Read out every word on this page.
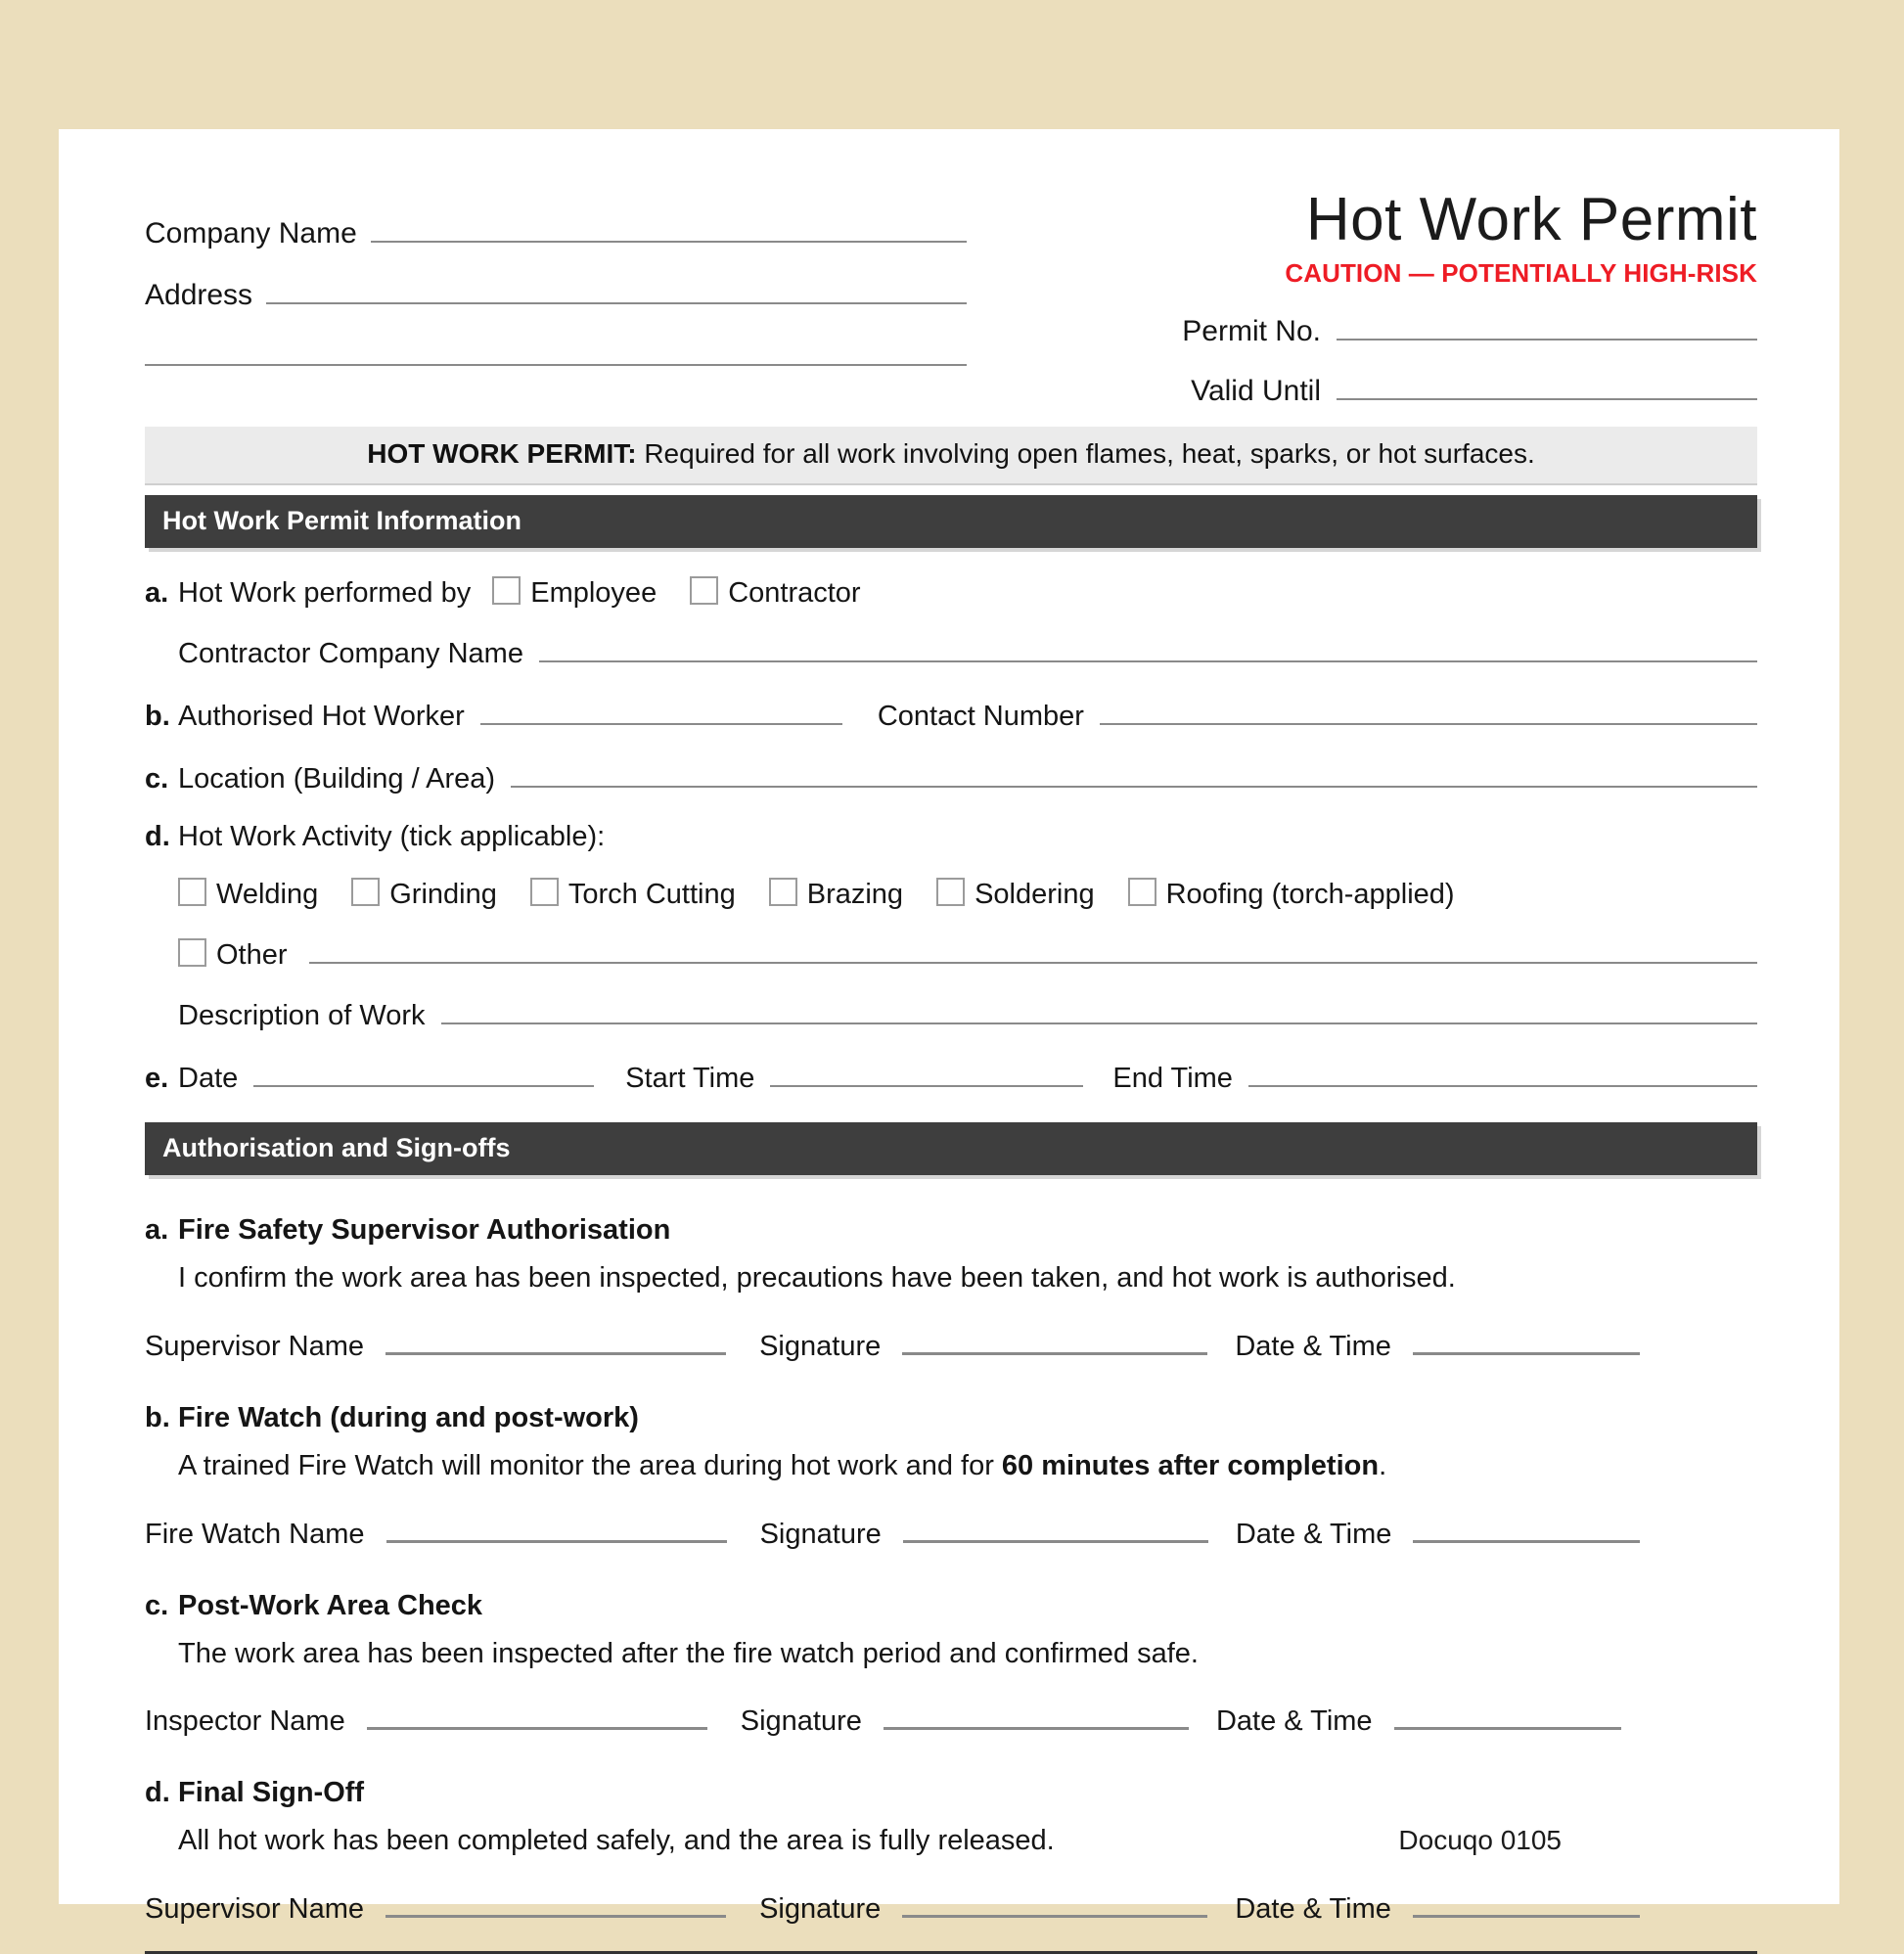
Company Name
Address
Hot Work Permit
CAUTION — POTENTIALLY HIGH-RISK
Permit No.
Valid Until
HOT WORK PERMIT: Required for all work involving open flames, heat, sparks, or hot surfaces.
Hot Work Permit Information
a. Hot Work performed by Employee	Contractor
Contractor Company Name
b. Authorised Hot Worker	Contact Number
c. Location (Building / Area)
d. Hot Work Activity (tick applicable):
Welding	Grinding	Torch Cutting	Brazing	Soldering	Roofing (torch-applied)
Other
Description of Work
e. Date	Start Time	End Time
Authorisation and Sign-offs
a. Fire Safety Supervisor Authorisation
I confirm the work area has been inspected, precautions have been taken, and hot work is authorised.
Supervisor Name	Signature	Date & Time
b. Fire Watch (during and post-work)
A trained Fire Watch will monitor the area during hot work and for 60 minutes after completion.
Fire Watch Name	Signature	Date & Time
c. Post-Work Area Check
The work area has been inspected after the fire watch period and confirmed safe.
Inspector Name	Signature	Date & Time
d. Final Sign-Off
All hot work has been completed safely, and the area is fully released.	Docuqo 0105
Supervisor Name	Signature	Date & Time
